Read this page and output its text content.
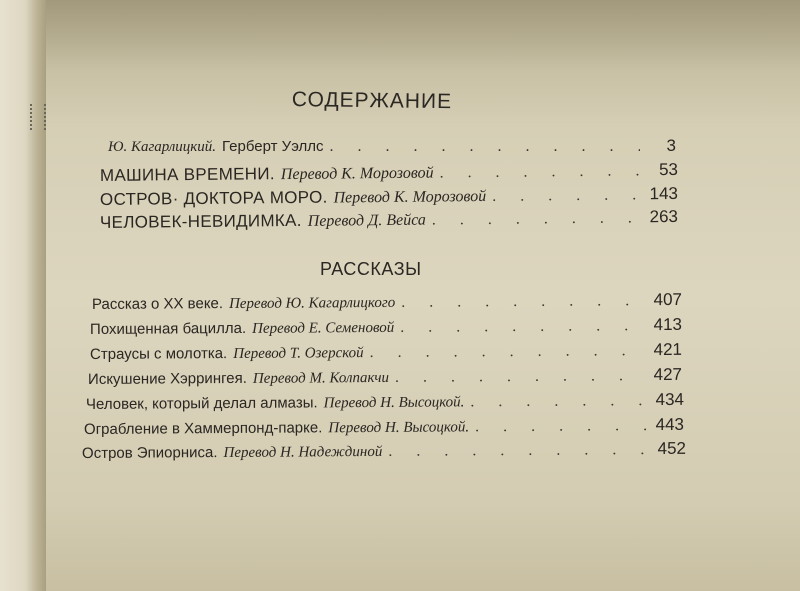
СОДЕРЖАНИЕ
Ю. Кагарлицкий. Герберт Уэллс . . .	3
МАШИНА ВРЕМЕНИ. Перевод К. Морозовой . . .	53
ОСТРОВ· ДОКТОРА МОРО. Перевод К. Морозовой . . .	143
ЧЕЛОВЕК-НЕВИДИМКА. Перевод Д. Вейса . . .	263
РАССКАЗЫ
Рассказ о XX веке. Перевод Ю. Кагарлицкого . . .	407
Похищенная бацилла. Перевод Е. Семеновой . . .	413
Страусы с молотка. Перевод Т. Озерской . . .	421
Искушение Хэррингея. Перевод М. Колпакчи . . .	427
Человек, который делал алмазы. Перевод Н. Высоцкой. . . .	434
Ограбление в Хаммерпонд-парке. Перевод Н. Высоцкой. . . .	443
Остров Эпиорниса. Перевод Н. Надеждиной . . .	452
